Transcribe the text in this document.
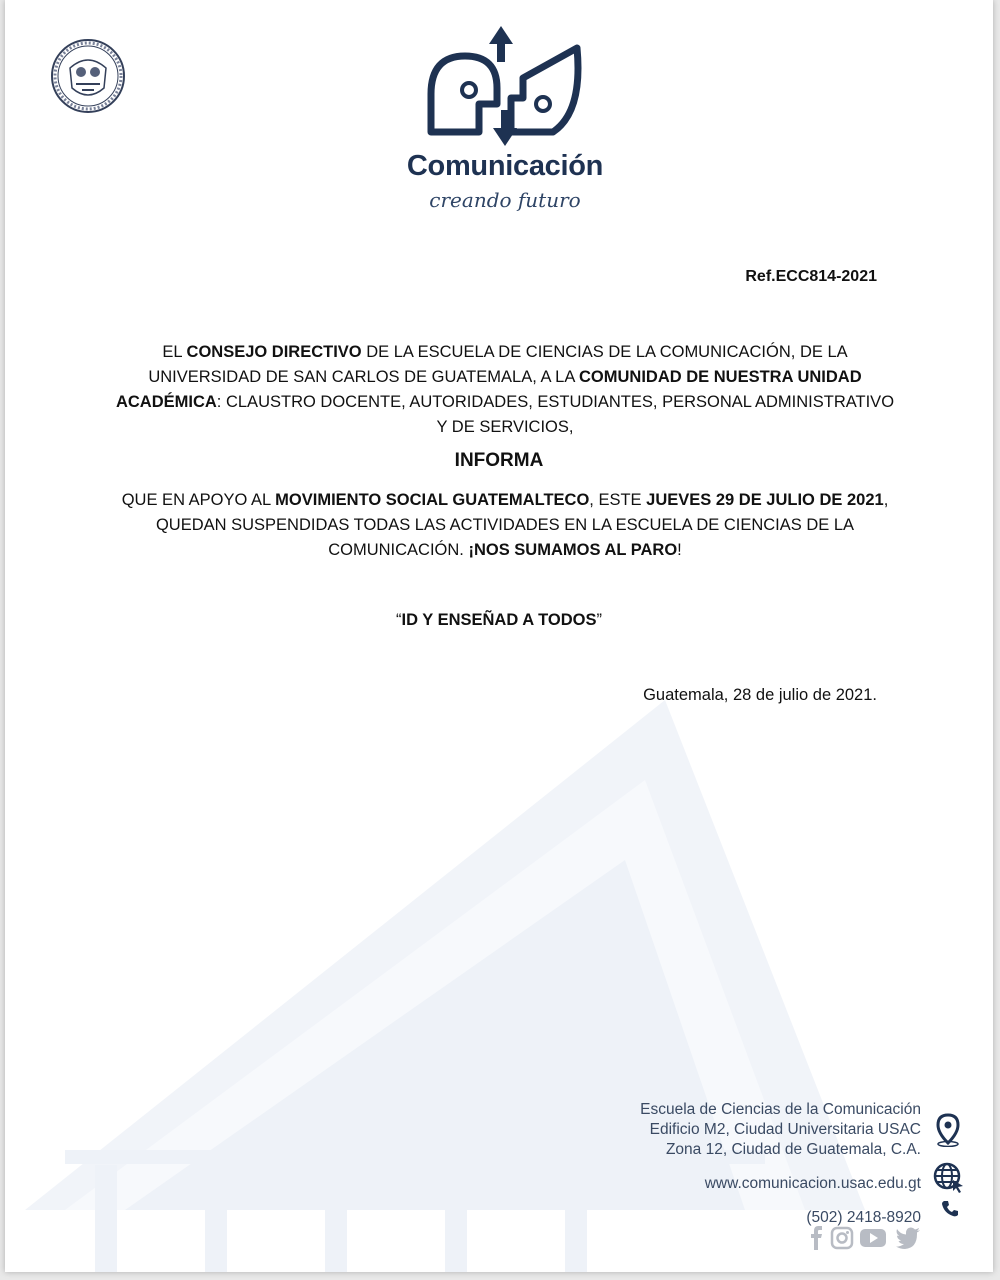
Comunicación
creando futuro
Ref.ECC814-2021
EL CONSEJO DIRECTIVO DE LA ESCUELA DE CIENCIAS DE LA COMUNICACIÓN, DE LA UNIVERSIDAD DE SAN CARLOS DE GUATEMALA, A LA COMUNIDAD DE NUESTRA UNIDAD ACADÉMICA: CLAUSTRO DOCENTE, AUTORIDADES, ESTUDIANTES, PERSONAL ADMINISTRATIVO Y DE SERVICIOS,
INFORMA
QUE EN APOYO AL MOVIMIENTO SOCIAL GUATEMALTECO, ESTE JUEVES 29 DE JULIO DE 2021, QUEDAN SUSPENDIDAS TODAS LAS ACTIVIDADES EN LA ESCUELA DE CIENCIAS DE LA COMUNICACIÓN. ¡NOS SUMAMOS AL PARO!
“ID Y ENSEÑAD A TODOS”
Guatemala, 28 de julio de 2021.
Escuela de Ciencias de la Comunicación
Edificio M2, Ciudad Universitaria USAC
Zona 12, Ciudad de Guatemala, C.A.
www.comunicacion.usac.edu.gt
(502) 2418-8920
